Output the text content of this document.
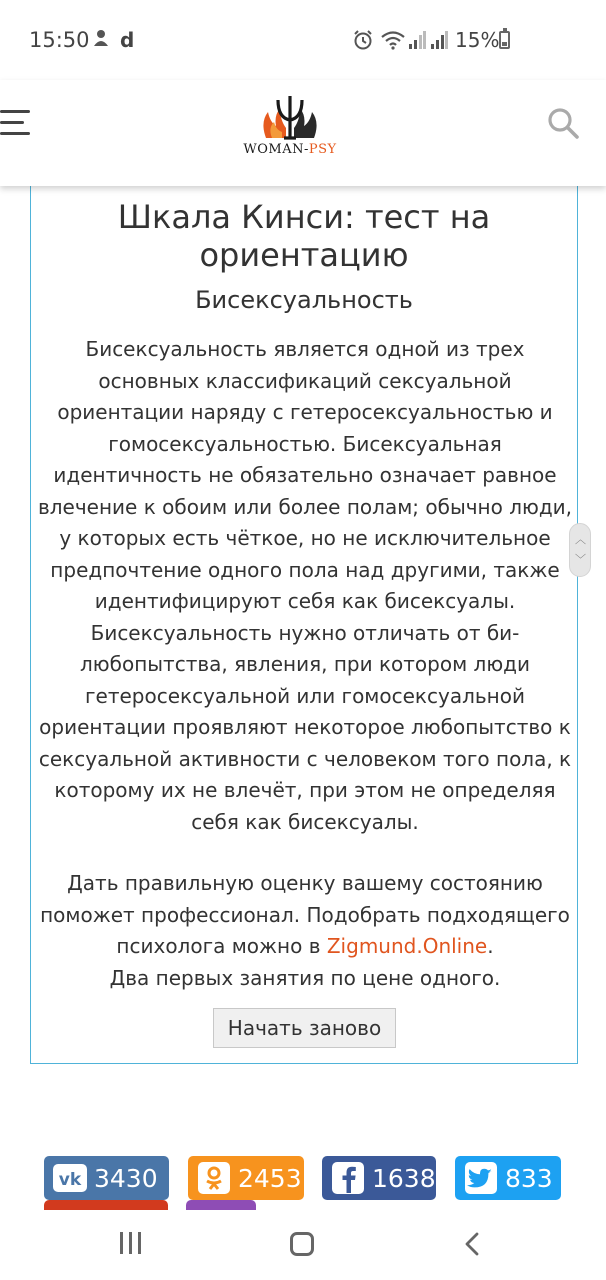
15:50 d	15%
WOMAN-PSY
Шкала Кинси: тест на ориентацию
Бисексуальность

Бисексуальность является одной из трех основных классификаций сексуальной ориентации наряду с гетеросексуальностью и гомосексуальностью. Бисексуальная идентичность не обязательно означает равное влечение к обоим или более полам; обычно люди, у которых есть чёткое, но не исключительное предпочтение одного пола над другими, также идентифицируют себя как бисексуалы. Бисексуальность нужно отличать от би-любопытства, явления, при котором люди гетеросексуальной или гомосексуальной ориентации проявляют некоторое любопытство к сексуальной активности с человеком того пола, к которому их не влечёт, при этом не определяя себя как бисексуалы.

Дать правильную оценку вашему состоянию поможет профессионал. Подобрать подходящего психолога можно в Zigmund.Online.
Два первых занятия по цене одного.
Начать заново
︿
﹀
vk 3430	2453	1638	833
